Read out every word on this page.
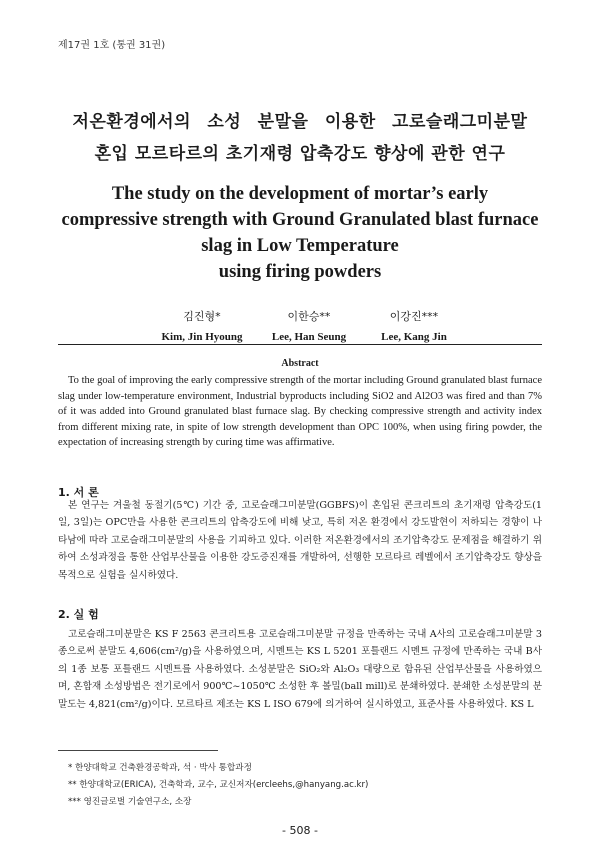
제17권 1호 (통권 31권)
저온환경에서의 소성 분말을 이용한 고로슬래그미분말
혼입 모르타르의 초기재령 압축강도 향상에 관한 연구
The study on the development of mortar’s early
compressive strength with Ground Granulated blast furnace
slag in Low Temperature
using firing powders
김진형*
Kim, Jin Hyoung
이한승**
Lee, Han Seung
이강진***
Lee, Kang Jin
Abstract

To the goal of improving the early compressive strength of the mortar including Ground granulated blast furnace slag under low-temperature environment, Industrial byproducts including SiO2 and Al2O3 was fired and than 7% of it was added into Ground granulated blast furnace slag. By checking compressive strength and activity index from different mixing rate, in spite of low strength development than OPC 100%, when using firing powder, the expectation of increasing strength by curing time was affirmative.

1. 서 론

본 연구는 겨울철 동절기(5℃) 기간 중, 고로슬래그미분말(GGBFS)이 혼입된 콘크리트의 초기재령 압축강도(1일, 3일)는 OPC만을 사용한 콘크리트의 압축강도에 비해 낮고, 특히 저온 환경에서 강도발현이 저하되는 경향이 나타남에 따라 고로슬래그미분말의 사용을 기피하고 있다. 이러한 저온환경에서의 조기압축강도 문제점을 해결하기 위하여 소성과정을 통한 산업부산물을 이용한 강도증진재를 개발하여, 선행한 모르타르 레벨에서 조기압축강도 향상을 목적으로 실험을 실시하였다.

2. 실 험

고로슬래그미분말은 KS F 2563 콘크리트용 고로슬래그미분말 규정을 만족하는 국내 A사의 고로슬래그미분말 3종으로써 분말도 4,606(cm²/g)을 사용하였으며, 시멘트는 KS L 5201 포틀랜드 시멘트 규정에 만족하는 국내 B사의 1종 보통 포틀랜드 시멘트를 사용하였다. 소성분말은 SiO₂와 Al₂O₃ 대량으로 함유된 산업부산물을 사용하였으며, 혼합재 소성방법은 전기로에서 900℃~1050℃ 소성한 후 볼밀(ball mill)로 분쇄하였다. 분쇄한 소성분말의 분말도는 4,821(cm²/g)이다. 모르타르 제조는 KS L ISO 679에 의거하여 실시하였고, 표준사를 사용하였다. KS L

* 한양대학교 건축환경공학과, 석 · 박사 통합과정
** 한양대학교(ERICA), 건축학과, 교수, 교신저자(ercleehs,@hanyang.ac.kr)
*** 영진글로벌 기술연구소, 소장
- 508 -
